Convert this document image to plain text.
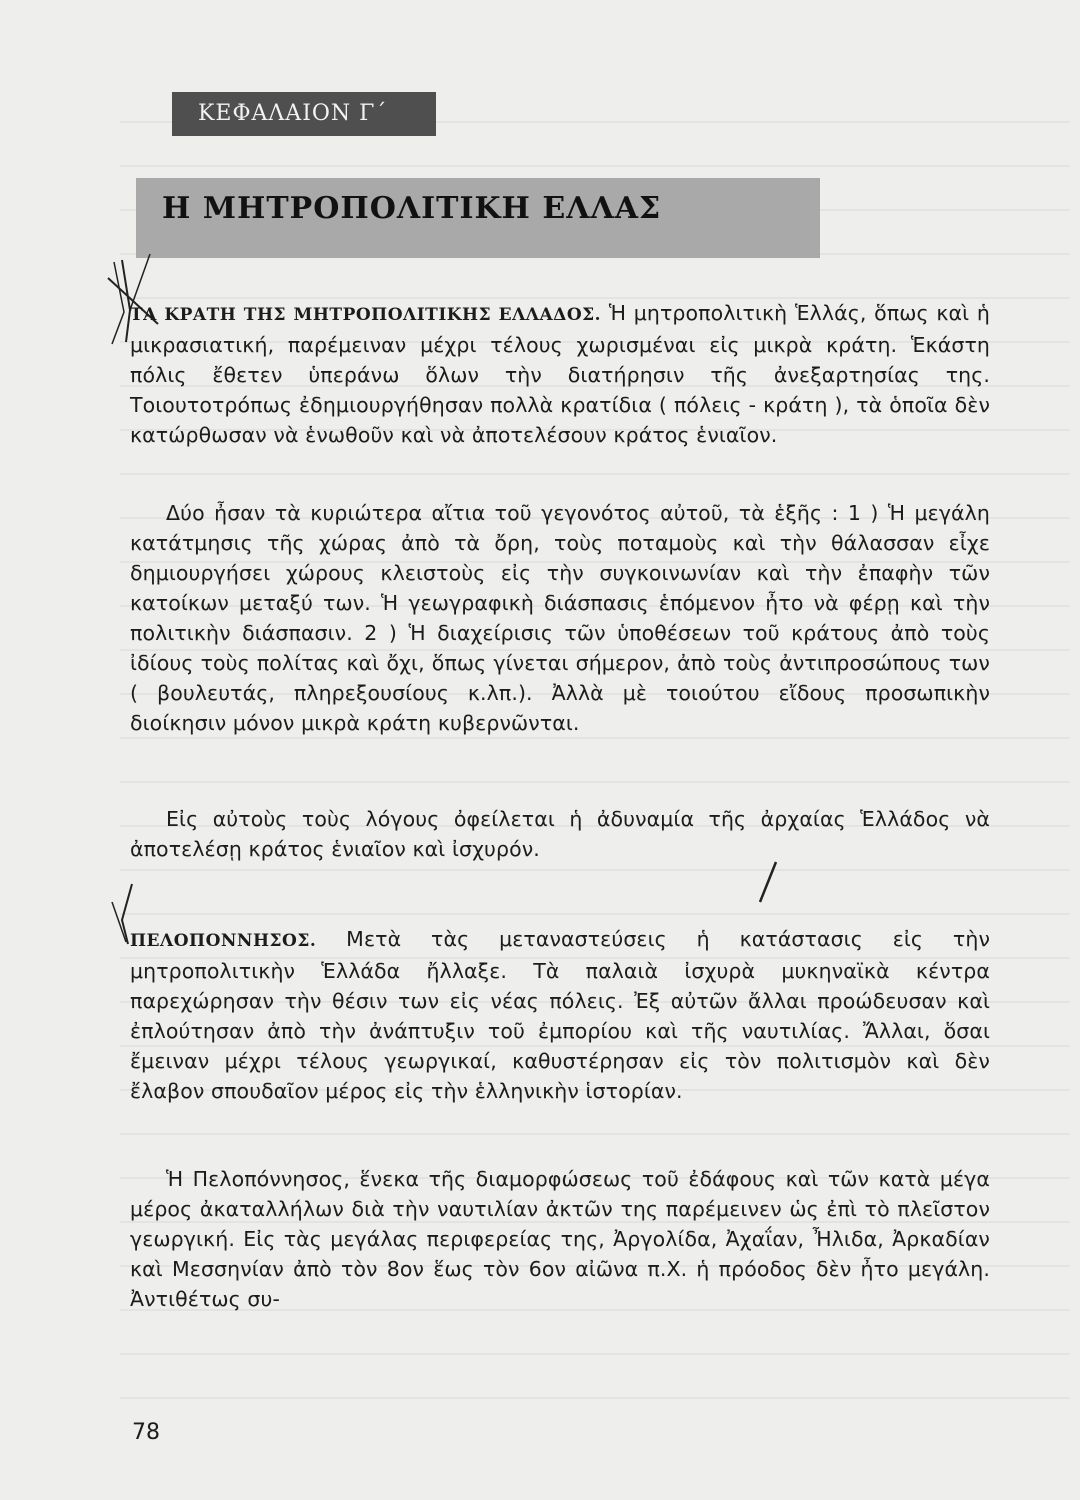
ΚΕΦΑΛΑΙΟΝ Γ΄
Η ΜΗΤΡΟΠΟΛΙΤΙΚΗ ΕΛΛΑΣ
ΤΑ ΚΡΑΤΗ ΤΗΣ ΜΗΤΡΟΠΟΛΙΤΙΚΗΣ ΕΛΛΑΔΟΣ. Ἡ μητροπολιτικὴ Ἑλλάς, ὅπως καὶ ἡ μικρασιατική, παρέμειναν μέχρι τέλους χωρισμέναι εἰς μικρὰ κράτη. Ἑκάστη πόλις ἔθετεν ὑπεράνω ὅλων τὴν διατήρησιν τῆς ἀνεξαρτησίας της. Τοιουτοτρόπως ἐδημιουργήθησαν πολλὰ κρατίδια ( πόλεις - κράτη ), τὰ ὁποῖα δὲν κατώρθωσαν νὰ ἑνωθοῦν καὶ νὰ ἀποτελέσουν κράτος ἑνιαῖον.
Δύο ἦσαν τὰ κυριώτερα αἴτια τοῦ γεγονότος αὐτοῦ, τὰ ἑξῆς : 1 ) Ἡ μεγάλη κατάτμησις τῆς χώρας ἀπὸ τὰ ὄρη, τοὺς ποταμοὺς καὶ τὴν θάλασσαν εἶχε δημιουργήσει χώρους κλειστοὺς εἰς τὴν συγκοινωνίαν καὶ τὴν ἐπαφὴν τῶν κατοίκων μεταξύ των. Ἡ γεωγραφικὴ διάσπασις ἑπόμενον ἦτο νὰ φέρῃ καὶ τὴν πολιτικὴν διάσπασιν. 2 ) Ἡ διαχείρισις τῶν ὑποθέσεων τοῦ κράτους ἀπὸ τοὺς ἰδίους τοὺς πολίτας καὶ ὄχι, ὅπως γίνεται σήμερον, ἀπὸ τοὺς ἀντιπροσώπους των ( βουλευτάς, πληρεξουσίους κ.λπ.). Ἀλλὰ μὲ τοιούτου εἴδους προσωπικὴν διοίκησιν μόνον μικρὰ κράτη κυβερνῶνται.
Εἰς αὐτοὺς τοὺς λόγους ὀφείλεται ἡ ἀδυναμία τῆς ἀρχαίας Ἑλλάδος νὰ ἀποτελέσῃ κράτος ἑνιαῖον καὶ ἰσχυρόν.
ΠΕΛΟΠΟΝΝΗΣΟΣ. Μετὰ τὰς μεταναστεύσεις ἡ κατάστασις εἰς τὴν μητροπολιτικὴν Ἑλλάδα ἤλλαξε. Τὰ παλαιὰ ἰσχυρὰ μυκηναϊκὰ κέντρα παρεχώρησαν τὴν θέσιν των εἰς νέας πόλεις. Ἐξ αὐτῶν ἄλλαι προώδευσαν καὶ ἐπλούτησαν ἀπὸ τὴν ἀνάπτυξιν τοῦ ἐμπορίου καὶ τῆς ναυτιλίας. Ἄλλαι, ὅσαι ἔμειναν μέχρι τέλους γεωργικαί, καθυστέρησαν εἰς τὸν πολιτισμὸν καὶ δὲν ἔλαβον σπουδαῖον μέρος εἰς τὴν ἑλληνικὴν ἱστορίαν.
Ἡ Πελοπόννησος, ἕνεκα τῆς διαμορφώσεως τοῦ ἐδάφους καὶ τῶν κατὰ μέγα μέρος ἀκαταλλήλων διὰ τὴν ναυτιλίαν ἀκτῶν της παρέμεινεν ὡς ἐπὶ τὸ πλεῖστον γεωργική. Εἰς τὰς μεγάλας περιφερείας της, Ἀργολίδα, Ἀχαΐαν, Ἦλιδα, Ἀρκαδίαν καὶ Μεσσηνίαν ἀπὸ τὸν 8ον ἕως τὸν 6ον αἰῶνα π.Χ. ἡ πρόοδος δὲν ἦτο μεγάλη. Ἀντιθέτως συ-
78
